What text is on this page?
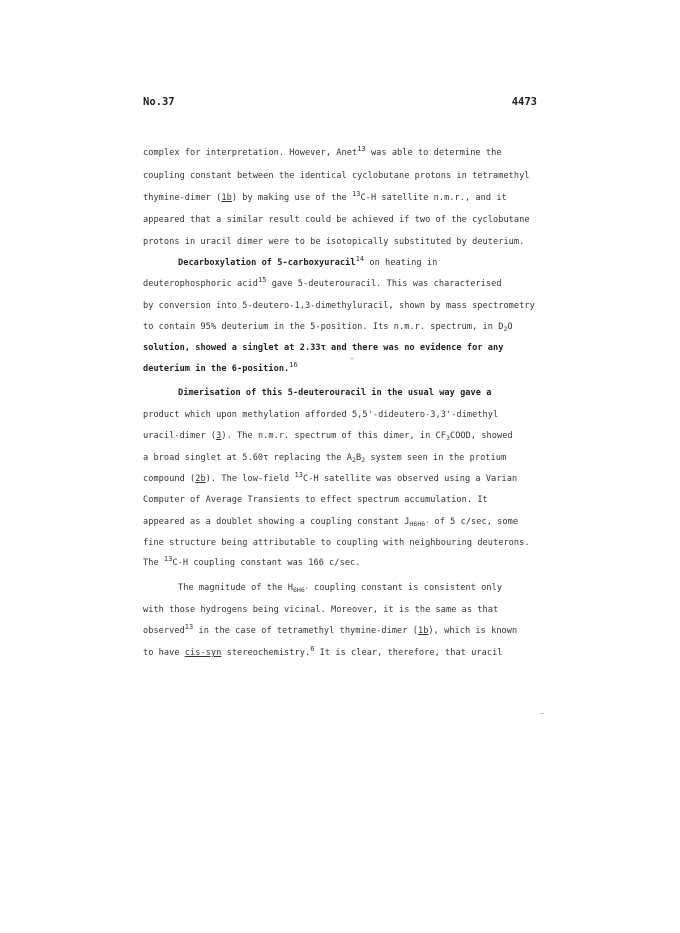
No.37	4473
complex for interpretation. However, Anet$^{13}$ was able to determine the
coupling constant between the identical cyclobutane protons in tetramethyl
thymine-dimer (1b) by making use of the $^{13}$C-H satellite n.m.r., and it
appeared that a similar result could be achieved if two of the cyclobutane
protons in uracil dimer were to be isotopically substituted by deuterium.
Decarboxylation of 5-carboxyuracil$^{14}$ on heating in
deuterophosphoric acid$^{15}$ gave 5-deuterouracil. This was characterised
by conversion into 5-deutero-1,3-dimethyluracil, shown by mass spectrometry
to contain 95% deuterium in the 5-position. Its n.m.r. spectrum, in $D_2O$
solution, showed a singlet at 2.33τ and there was no evidence for any
deuterium in the 6-position.$^{16}$
Dimerisation of this 5-deuterouracil in the usual way gave a
product which upon methylation afforded 5,5'-dideutero-3,3'-dimethyl
uracil-dimer (3). The n.m.r. spectrum of this dimer, in $CF_3COOD$, showed
a broad singlet at 5.60τ replacing the $A_2B_2$ system seen in the protium
compound (2b). The low-field $^{13}$C-H satellite was observed using a Varian
Computer of Average Transients to effect spectrum accumulation. It
appeared as a doublet showing a coupling constant $J_{H6H6'}$ of 5 c/sec, some
fine structure being attributable to coupling with neighbouring deuterons.
The $^{13}$C-H coupling constant was 166 c/sec.
The magnitude of the $H_{6H6'}$ coupling constant is consistent only
with those hydrogens being vicinal. Moreover, it is the same as that
observed$^{13}$ in the case of tetramethyl thymine-dimer (1b), which is known
to have cis-syn stereochemistry.$^6$ It is clear, therefore, that uracil
